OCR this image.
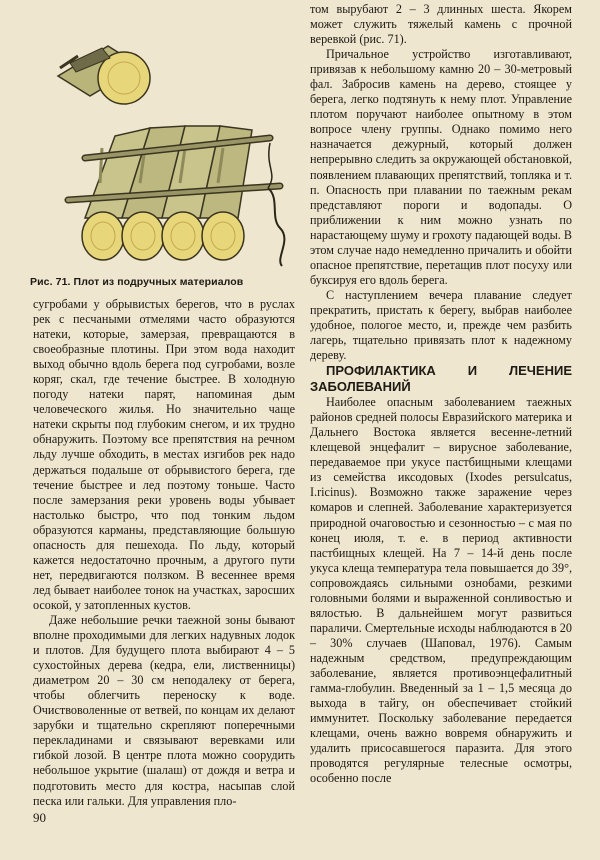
Рис. 71. Плот из подручных материалов

сугробами у обрывистых берегов, что в руслах рек с песчаными отмелями часто образуются натеки, которые, замерзая, превращаются в своеобразные плотины. При этом вода находит выход обычно вдоль берега под сугробами, возле коряг, скал, где течение быстрее. В холодную погоду натеки парят, напоминая дым человеческого жилья. Но значительно чаще натеки скрыты под глубоким снегом, и их трудно обнаружить. Поэтому все препятствия на речном льду лучше обходить, в местах изгибов рек надо держаться подальше от обрывистого берега, где течение быстрее и лед поэтому тоньше. Часто после замерзания реки уровень воды убывает настолько быстро, что под тонким льдом образуются карманы, представляющие большую опасность для пешехода. По льду, который кажется недостаточно прочным, а другого пути нет, передвигаются ползком. В весеннее время лед бывает наиболее тонок на участках, заросших осокой, у затопленных кустов.

Даже небольшие речки таежной зоны бывают вполне проходимыми для легких надувных лодок и плотов. Для будущего плота выбирают 4 – 5 сухостойных дерева (кедра, ели, лиственницы) диаметром 20 – 30 см неподалеку от берега, чтобы облегчить переноску к воде. Очиствоволенные от ветвей, по концам их делают зарубки и тщательно скрепляют поперечными перекладинами и связывают веревками или гибкой лозой. В центре плота можно соорудить небольшое укрытие (шалаш) от дождя и ветра и подготовить место для костра, насыпав слой песка или гальки. Для управления пло-

том вырубают 2 – 3 длинных шеста. Якорем может служить тяжелый камень с прочной веревкой (рис. 71).

Причальное устройство изготавливают, привязав к небольшому камню 20 – 30-метровый фал. Забросив камень на дерево, стоящее у берега, легко подтянуть к нему плот. Управление плотом поручают наиболее опытному в этом вопросе члену группы. Однако помимо него назначается дежурный, который должен непрерывно следить за окружающей обстановкой, появлением плавающих препятствий, топляка и т. п. Опасность при плавании по таежным рекам представляют пороги и водопады. О приближении к ним можно узнать по нарастающему шуму и грохоту падающей воды. В этом случае надо немедленно причалить и обойти опасное препятствие, перетащив плот посуху или буксируя его вдоль берега.

С наступлением вечера плавание следует прекратить, пристать к берегу, выбрав наиболее удобное, пологое место, и, прежде чем разбить лагерь, тщательно привязать плот к надежному дереву.

ПРОФИЛАКТИКА И ЛЕЧЕНИЕ ЗАБОЛЕВАНИЙ

Наиболее опасным заболеванием таежных районов средней полосы Евразийского материка и Дальнего Востока является весенне-летний клещевой энцефалит – вирусное заболевание, передаваемое при укусе пастбищными клещами из семейства иксодовых (Ixodes persulcatus, I.ricinus). Возможно также заражение через комаров и слепней. Заболевание характеризуется природной очаговостью и сезонностью – с мая по конец июля, т. е. в период активности пастбищных клещей. На 7 – 14-й день после укуса клеща температура тела повышается до 39°, сопровождаясь сильными ознобами, резкими головными болями и выраженной сонливостью и вялостью. В дальнейшем могут развиться параличи. Смертельные исходы наблюдаются в 20 – 30% случаев (Шаповал, 1976). Самым надежным средством, предупреждающим заболевание, является противоэнцефалитный гамма-глобулин. Введенный за 1 – 1,5 месяца до выхода в тайгу, он обеспечивает стойкий иммунитет. Поскольку заболевание передается клещами, очень важно вовремя обнаружить и удалить присосавшегося паразита. Для этого проводятся регулярные телесные осмотры, особенно после

90
